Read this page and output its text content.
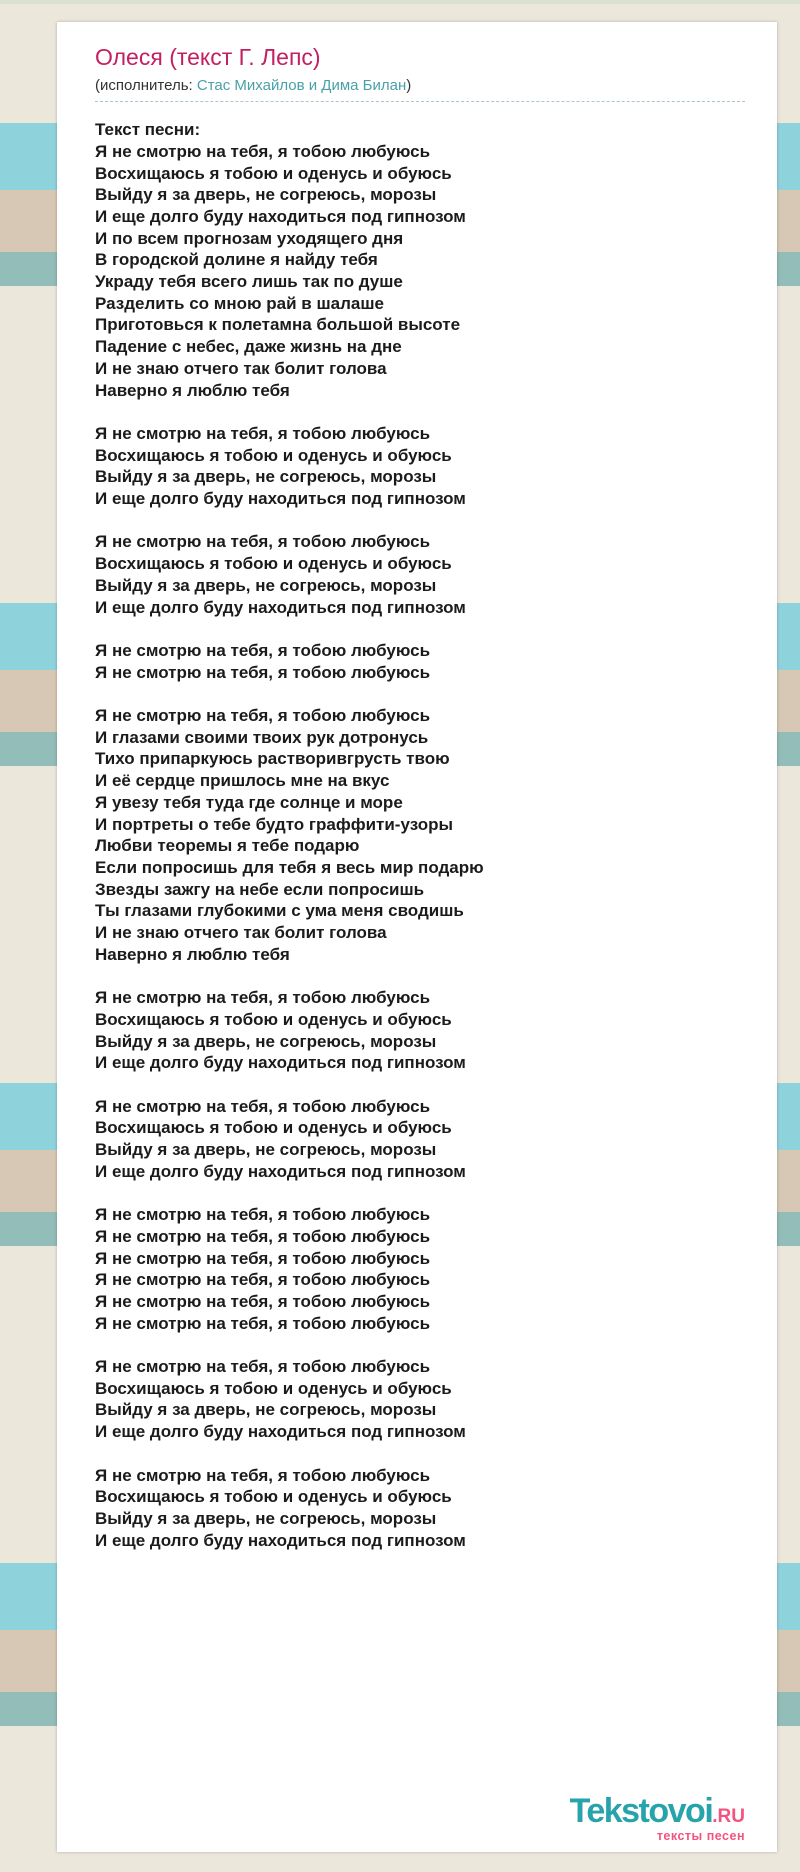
Олеся (текст Г. Лепс)
(исполнитель: Стас Михайлов и Дима Билан)
Текст песни:
Я не смотрю на тебя, я тобою любуюсь
Восхищаюсь я тобою и оденусь и обуюсь
Выйду я за дверь, не согреюсь, морозы
И еще долго буду находиться под гипнозом
И по всем прогнозам уходящего дня
В городской долине я найду тебя
Украду тебя всего лишь так по душе
Разделить со мною рай в шалаше
Приготовься к полетамна большой высоте
Падение с небес, даже жизнь на дне
И не знаю отчего так болит голова
Наверно я люблю тебя
Я не смотрю на тебя, я тобою любуюсь
Восхищаюсь я тобою и оденусь и обуюсь
Выйду я за дверь, не согреюсь, морозы
И еще долго буду находиться под гипнозом
Я не смотрю на тебя, я тобою любуюсь
Восхищаюсь я тобою и оденусь и обуюсь
Выйду я за дверь, не согреюсь, морозы
И еще долго буду находиться под гипнозом
Я не смотрю на тебя, я тобою любуюсь
Я не смотрю на тебя, я тобою любуюсь
Я не смотрю на тебя, я тобою любуюсь
И глазами своими твоих рук дотронусь
Тихо припаркуюсь растворивгрусть твою
И её сердце пришлось мне на вкус
Я увезу тебя туда где солнце и море
И портреты о тебе будто граффити-узоры
Любви теоремы я тебе подарю
Если попросишь для тебя я весь мир подарю
Звезды зажгу на небе если попросишь
Ты глазами глубокими с ума меня сводишь
И не знаю отчего так болит голова
Наверно я люблю тебя
Я не смотрю на тебя, я тобою любуюсь
Восхищаюсь я тобою и оденусь и обуюсь
Выйду я за дверь, не согреюсь, морозы
И еще долго буду находиться под гипнозом
Я не смотрю на тебя, я тобою любуюсь
Восхищаюсь я тобою и оденусь и обуюсь
Выйду я за дверь, не согреюсь, морозы
И еще долго буду находиться под гипнозом
Я не смотрю на тебя, я тобою любуюсь
Я не смотрю на тебя, я тобою любуюсь
Я не смотрю на тебя, я тобою любуюсь
Я не смотрю на тебя, я тобою любуюсь
Я не смотрю на тебя, я тобою любуюсь
Я не смотрю на тебя, я тобою любуюсь
Я не смотрю на тебя, я тобою любуюсь
Восхищаюсь я тобою и оденусь и обуюсь
Выйду я за дверь, не согреюсь, морозы
И еще долго буду находиться под гипнозом
Я не смотрю на тебя, я тобою любуюсь
Восхищаюсь я тобою и оденусь и обуюсь
Выйду я за дверь, не согреюсь, морозы
И еще долго буду находиться под гипнозом
Tekstovoi.RU
тексты песен
